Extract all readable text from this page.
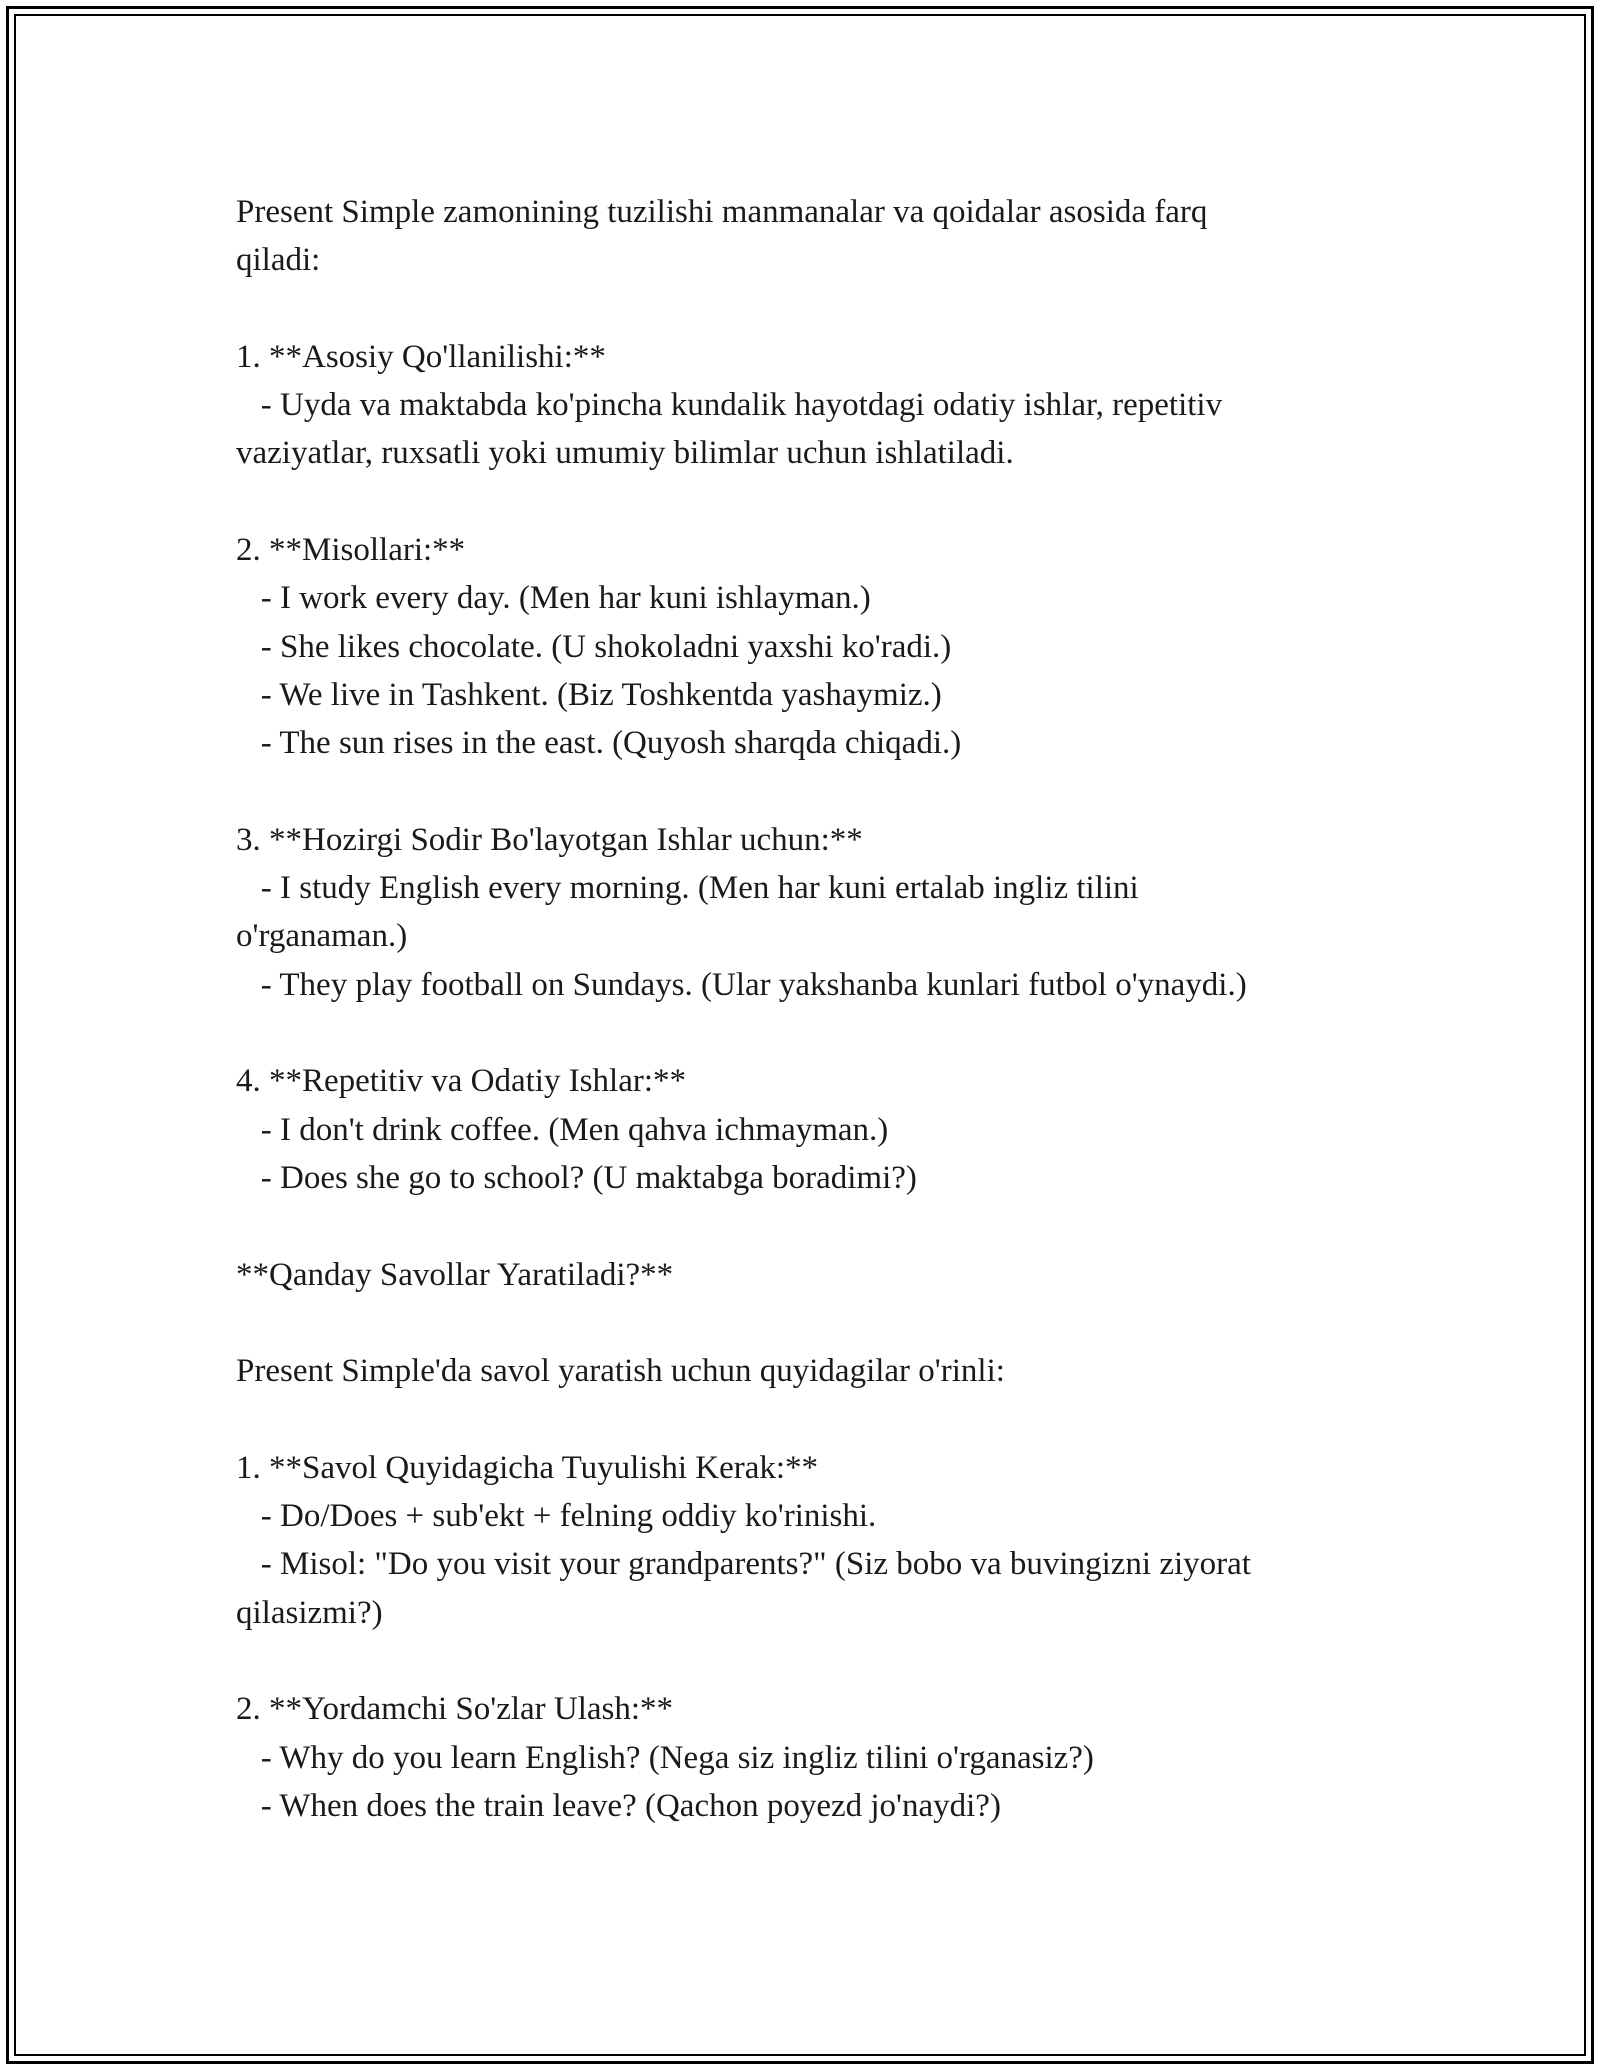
Present Simple zamonining tuzilishi manmanalar va qoidalar asosida farq
qiladi:
1. **Asosiy Qo'llanilishi:**
- Uyda va maktabda ko'pincha kundalik hayotdagi odatiy ishlar, repetitiv
vaziyatlar, ruxsatli yoki umumiy bilimlar uchun ishlatiladi.
2. **Misollari:**
- I work every day. (Men har kuni ishlayman.)
- She likes chocolate. (U shokoladni yaxshi ko'radi.)
- We live in Tashkent. (Biz Toshkentda yashaymiz.)
- The sun rises in the east. (Quyosh sharqda chiqadi.)
3. **Hozirgi Sodir Bo'layotgan Ishlar uchun:**
- I study English every morning. (Men har kuni ertalab ingliz tilini
o'rganaman.)
- They play football on Sundays. (Ular yakshanba kunlari futbol o'ynaydi.)
4. **Repetitiv va Odatiy Ishlar:**
- I don't drink coffee. (Men qahva ichmayman.)
- Does she go to school? (U maktabga boradimi?)
**Qanday Savollar Yaratiladi?**
Present Simple'da savol yaratish uchun quyidagilar o'rinli:
1. **Savol Quyidagicha Tuyulishi Kerak:**
- Do/Does + sub'ekt + felning oddiy ko'rinishi.
- Misol: "Do you visit your grandparents?" (Siz bobo va buvingizni ziyorat
qilasizmi?)
2. **Yordamchi So'zlar Ulash:**
- Why do you learn English? (Nega siz ingliz tilini o'rganasiz?)
- When does the train leave? (Qachon poyezd jo'naydi?)
